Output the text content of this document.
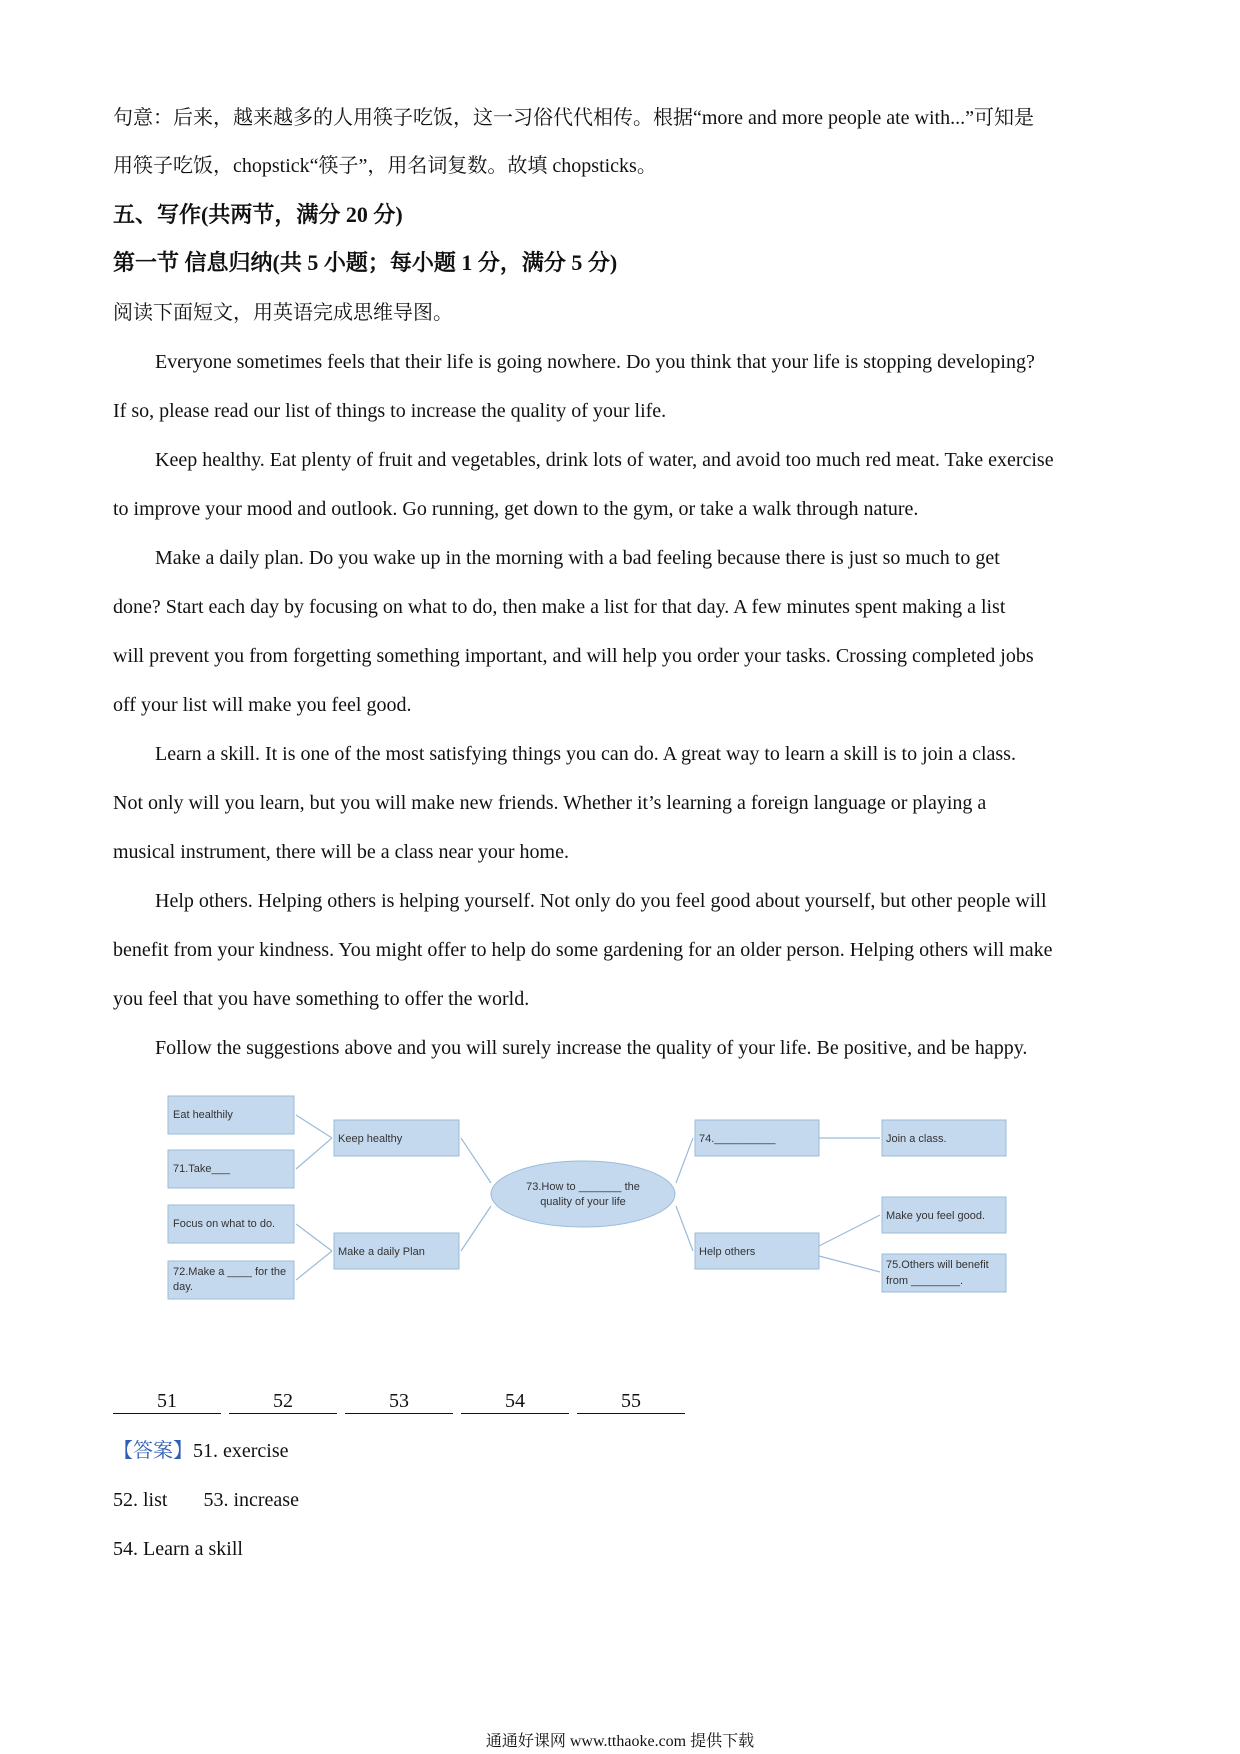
句意：后来，越来越多的人用筷子吃饭，这一习俗代代相传。根据“more and more people ate with...”可知是
用筷子吃饭，chopstick“筷子”，用名词复数。故填 chopsticks。
五、写作(共两节，满分 20 分)
第一节 信息归纳(共 5 小题；每小题 1 分，满分 5 分)
阅读下面短文，用英语完成思维导图。
Everyone sometimes feels that their life is going nowhere. Do you think that your life is stopping developing?
If so, please read our list of things to increase the quality of your life.
Keep healthy. Eat plenty of fruit and vegetables, drink lots of water, and avoid too much red meat. Take exercise
to improve your mood and outlook. Go running, get down to the gym, or take a walk through nature.
Make a daily plan. Do you wake up in the morning with a bad feeling because there is just so much to get
done? Start each day by focusing on what to do, then make a list for that day. A few minutes spent making a list
will prevent you from forgetting something important, and will help you order your tasks. Crossing completed jobs
off your list will make you feel good.
Learn a skill. It is one of the most satisfying things you can do. A great way to learn a skill is to join a class.
Not only will you learn, but you will make new friends. Whether it’s learning a foreign language or playing a
musical instrument, there will be a class near your home.
Help others. Helping others is helping yourself. Not only do you feel good about yourself, but other people will
benefit from your kindness. You might offer to help do some gardening for an older person. Helping others will make
you feel that you have something to offer the world.
Follow the suggestions above and you will surely increase the quality of your life. Be positive, and be happy.
Eat healthily
71.Take___
Focus on what to do.
72.Make a ____ for the
day.
Keep healthy
Make a daily Plan
73.How to _______ the
quality of your life
74.__________
Help others
Join a class.
Make you feel good.
75.Others will benefit
from ________.
51	52	53	54	55
【答案】51. exercise
52. list 53. increase
54. Learn a skill
通通好课网 www.tthaoke.com 提供下载
